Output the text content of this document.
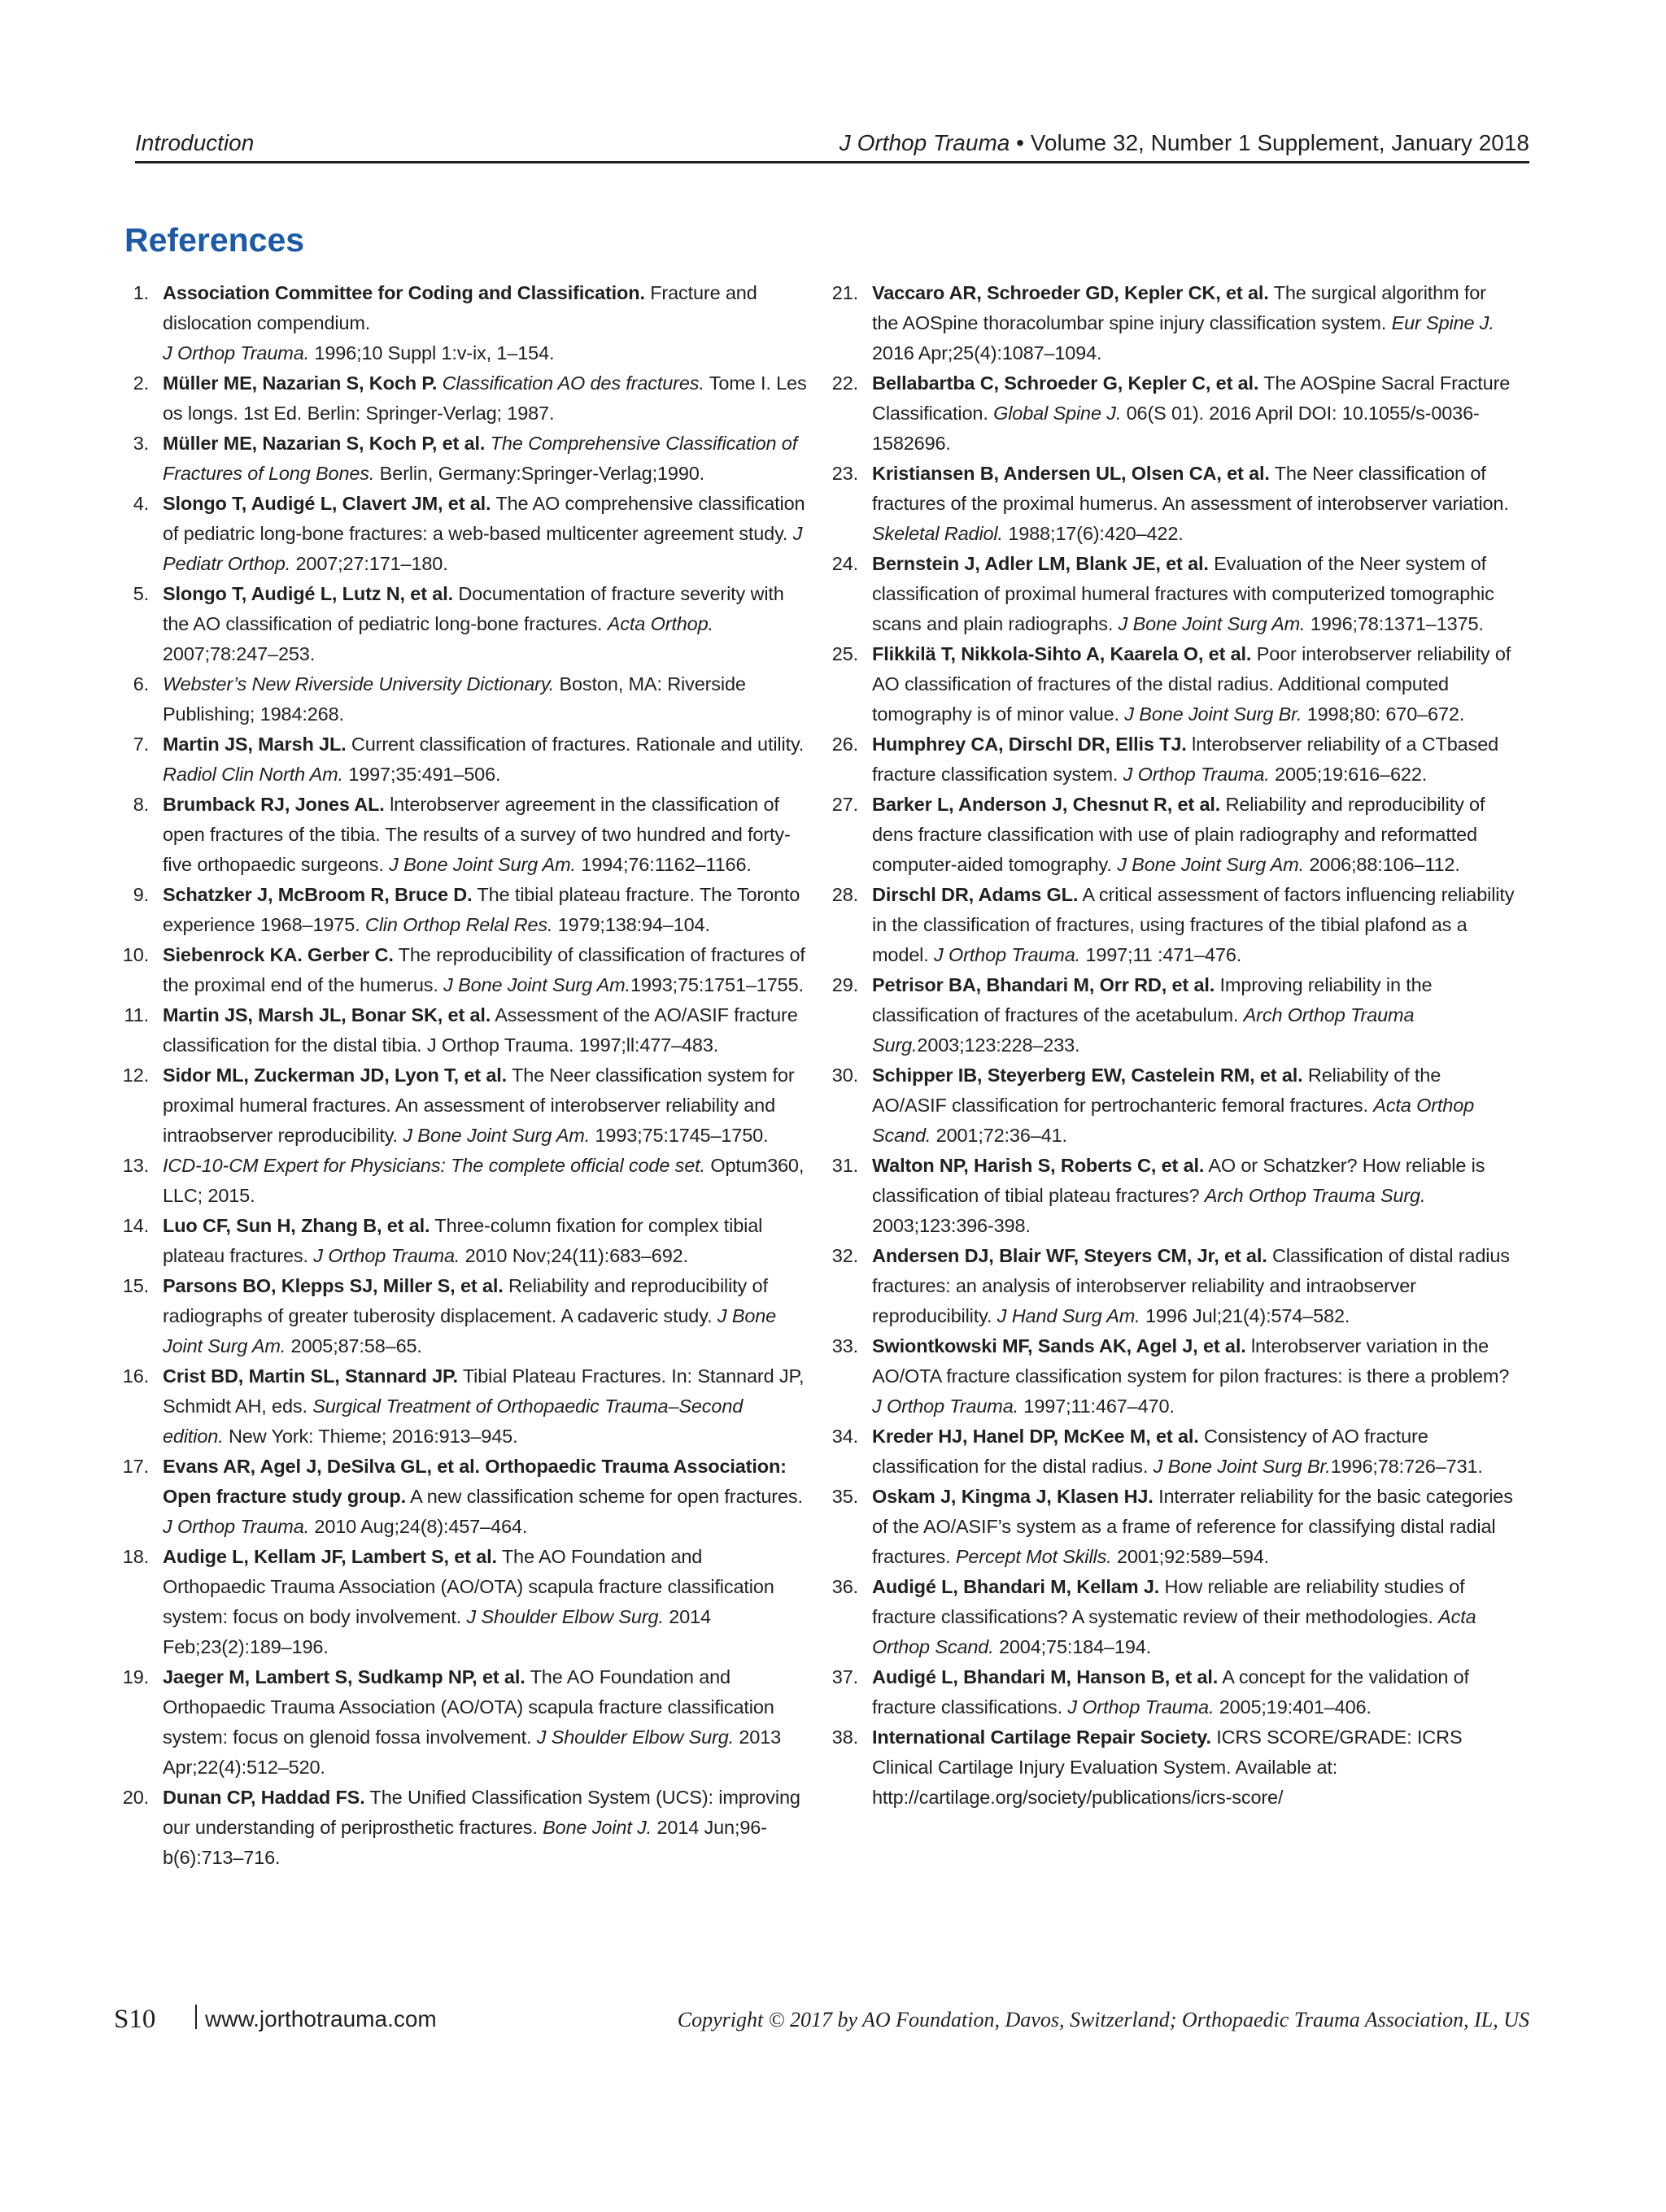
Introduction	J Orthop Trauma • Volume 32, Number 1 Supplement, January 2018
References
1. Association Committee for Coding and Classification. Fracture and dislocation compendium.
J Orthop Trauma. 1996;10 Suppl 1:v-ix, 1–154.
2. Müller ME, Nazarian S, Koch P. Classification AO des fractures. Tome I. Les os longs. 1st Ed. Berlin: Springer-Verlag; 1987.
3. Müller ME, Nazarian S, Koch P, et al. The Comprehensive Classification of Fractures of Long Bones. Berlin, Germany:Springer-Verlag;1990.
4. Slongo T, Audigé L, Clavert JM, et al. The AO comprehensive classification of pediatric long-bone fractures: a web-based multicenter agreement study. J Pediatr Orthop. 2007;27:171–180.
5. Slongo T, Audigé L, Lutz N, et al. Documentation of fracture severity with the AO classification of pediatric long-bone fractures. Acta Orthop. 2007;78:247–253.
6. Webster’s New Riverside University Dictionary. Boston, MA: Riverside Publishing; 1984:268.
7. Martin JS, Marsh JL. Current classification of fractures. Rationale and utility. Radiol Clin North Am. 1997;35:491–506.
8. Brumback RJ, Jones AL. lnterobserver agreement in the classification of open fractures of the tibia. The results of a survey of two hundred and forty-five orthopaedic surgeons. J Bone Joint Surg Am. 1994;76:1162–1166.
9. Schatzker J, McBroom R, Bruce D. The tibial plateau fracture. The Toronto experience 1968–1975. Clin Orthop Relal Res. 1979;138:94–104.
10. Siebenrock KA. Gerber C. The reproducibility of classification of fractures of the proximal end of the humerus. J Bone Joint Surg Am.1993;75:1751–1755.
11. Martin JS, Marsh JL, Bonar SK, et al. Assessment of the AO/ASIF fracture classification for the distal tibia. J Orthop Trauma. 1997;ll:477–483.
12. Sidor ML, Zuckerman JD, Lyon T, et al. The Neer classification system for proximal humeral fractures. An assessment of interobserver reliability and intraobserver reproducibility. J Bone Joint Surg Am. 1993;75:1745–1750.
13. ICD-10-CM Expert for Physicians: The complete official code set. Optum360, LLC; 2015.
14. Luo CF, Sun H, Zhang B, et al. Three-column fixation for complex tibial plateau fractures. J Orthop Trauma. 2010 Nov;24(11):683–692.
15. Parsons BO, Klepps SJ, Miller S, et al. Reliability and reproducibility of radiographs of greater tuberosity displacement. A cadaveric study. J Bone Joint Surg Am. 2005;87:58–65.
16. Crist BD, Martin SL, Stannard JP. Tibial Plateau Fractures. In: Stannard JP, Schmidt AH, eds. Surgical Treatment of Orthopaedic Trauma–Second edition. New York: Thieme; 2016:913–945.
17. Evans AR, Agel J, DeSilva GL, et al. Orthopaedic Trauma Association: Open fracture study group. A new classification scheme for open fractures. J Orthop Trauma. 2010 Aug;24(8):457–464.
18. Audige L, Kellam JF, Lambert S, et al. The AO Foundation and Orthopaedic Trauma Association (AO/OTA) scapula fracture classification system: focus on body involvement. J Shoulder Elbow Surg. 2014 Feb;23(2):189–196.
19. Jaeger M, Lambert S, Sudkamp NP, et al. The AO Foundation and Orthopaedic Trauma Association (AO/OTA) scapula fracture classification system: focus on glenoid fossa involvement. J Shoulder Elbow Surg. 2013 Apr;22(4):512–520.
20. Dunan CP, Haddad FS. The Unified Classification System (UCS): improving our understanding of periprosthetic fractures. Bone Joint J. 2014 Jun;96-b(6):713–716.
21. Vaccaro AR, Schroeder GD, Kepler CK, et al. The surgical algorithm for the AOSpine thoracolumbar spine injury classification system. Eur Spine J. 2016 Apr;25(4):1087–1094.
22. Bellabartba C, Schroeder G, Kepler C, et al. The AOSpine Sacral Fracture Classification. Global Spine J. 06(S 01). 2016 April DOI: 10.1055/s-0036-1582696.
23. Kristiansen B, Andersen UL, Olsen CA, et al. The Neer classification of fractures of the proximal humerus. An assessment of interobserver variation. Skeletal Radiol. 1988;17(6):420–422.
24. Bernstein J, Adler LM, Blank JE, et al. Evaluation of the Neer system of classification of proximal humeral fractures with computerized tomographic scans and plain radiographs. J Bone Joint Surg Am. 1996;78:1371–1375.
25. Flikkilä T, Nikkola-Sihto A, Kaarela O, et al. Poor interobserver reliability of AO classification of fractures of the distal radius. Additional computed tomography is of minor value. J Bone Joint Surg Br. 1998;80: 670–672.
26. Humphrey CA, Dirschl DR, Ellis TJ. lnterobserver reliability of a CTbased fracture classification system. J Orthop Trauma. 2005;19:616–622.
27. Barker L, Anderson J, Chesnut R, et al. Reliability and reproducibility of dens fracture classification with use of plain radiography and reformatted computer-aided tomography. J Bone Joint Surg Am. 2006;88:106–112.
28. Dirschl DR, Adams GL. A critical assessment of factors influencing reliability in the classification of fractures, using fractures of the tibial plafond as a model. J Orthop Trauma. 1997;11 :471–476.
29. Petrisor BA, Bhandari M, Orr RD, et al. Improving reliability in the classification of fractures of the acetabulum. Arch Orthop Trauma Surg.2003;123:228–233.
30. Schipper IB, Steyerberg EW, Castelein RM, et al. Reliability of the AO/ASIF classification for pertrochanteric femoral fractures. Acta Orthop Scand. 2001;72:36–41.
31. Walton NP, Harish S, Roberts C, et al. AO or Schatzker? How reliable is classification of tibial plateau fractures? Arch Orthop Trauma Surg. 2003;123:396-398.
32. Andersen DJ, Blair WF, Steyers CM, Jr, et al. Classification of distal radius fractures: an analysis of interobserver reliability and intraobserver reproducibility. J Hand Surg Am. 1996 Jul;21(4):574–582.
33. Swiontkowski MF, Sands AK, Agel J, et al. lnterobserver variation in the AO/OTA fracture classification system for pilon fractures: is there a problem? J Orthop Trauma. 1997;11:467–470.
34. Kreder HJ, Hanel DP, McKee M, et al. Consistency of AO fracture classification for the distal radius. J Bone Joint Surg Br.1996;78:726–731.
35. Oskam J, Kingma J, Klasen HJ. Interrater reliability for the basic categories of the AO/ASIF’s system as a frame of reference for classifying distal radial fractures. Percept Mot Skills. 2001;92:589–594.
36. Audigé L, Bhandari M, Kellam J. How reliable are reliability studies of fracture classifications? A systematic review of their methodologies. Acta Orthop Scand. 2004;75:184–194.
37. Audigé L, Bhandari M, Hanson B, et al. A concept for the validation of fracture classifications. J Orthop Trauma. 2005;19:401–406.
38. International Cartilage Repair Society. ICRS SCORE/GRADE: ICRS Clinical Cartilage Injury Evaluation System. Available at: http://cartilage.org/society/publications/icrs-score/
S10 www.jorthotrauma.com	Copyright © 2017 by AO Foundation, Davos, Switzerland; Orthopaedic Trauma Association, IL, US
